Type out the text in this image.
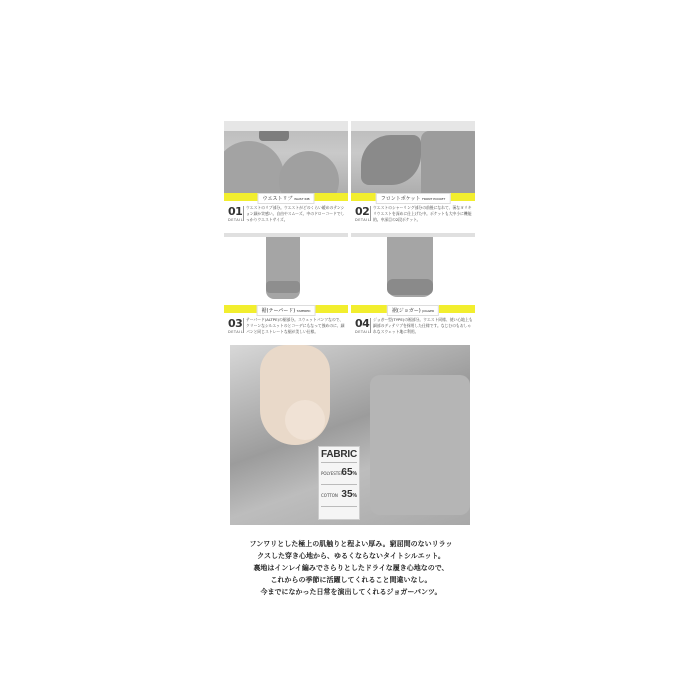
ウエストリブ WAIST RIB
01
DETAIL
ウエストのリブ部分。ウエストがどのくらい緩めのテンション細か実感い。自由やスムーズ。中のドローコードでしっかりウエストサイズ。
フロントポケット FRONT POCKET
02
DETAIL
ウエストのシャーリング部分の前後になれて、薄なヨリキリウエストを深めに仕上げた中。ポケットも大中小に機能的。中深目の2段ポケット。
裾(テーパード) TAPERED
03
DETAIL
テーパード(ALTPE)の裾部分。スウェットパンツなので、クリーンなシルエットのとコーデにもなって強めのに、細パンと同じストレートな裾が美しい仕様。
裾(ジョガー) JOGGER
04
DETAIL
ジョガー型(TYPE)の裾部分。ウエスト同様、使い心地上も細部のディテリブを採用した仕様です。なじむのもおしゃれなスウェット地に利用。
FABRIC
POLYESTER
65%
COTTON 35%
フンワリとした極上の肌触りと程よい厚み。窮屈間のないリラッ
クスした穿き心地から、ゆるくならないタイトシルエット。
裏地はインレイ編みでさらりとしたドライな履き心地なので、
これからの季節に活躍してくれること間違いなし。
今までになかった日常を演出してくれるジョガーパンツ。
